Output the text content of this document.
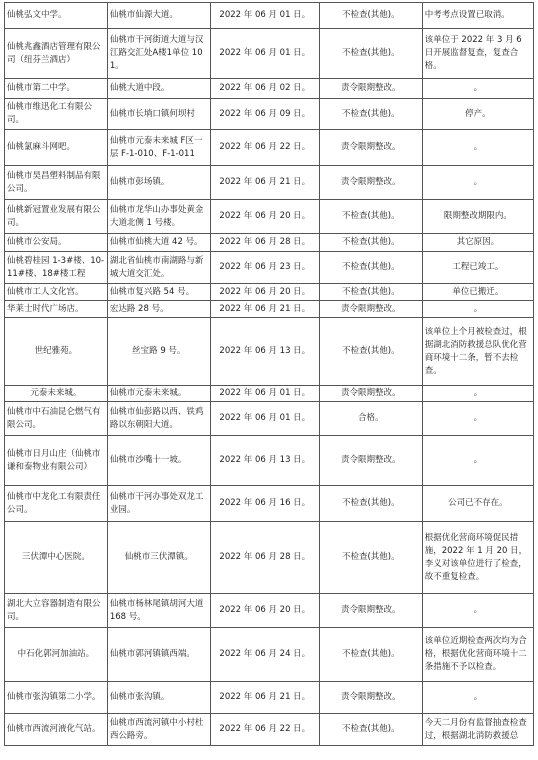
仙桃弘文中学。	仙桃市仙源大道。	2022 年 06 月 01 日。	不检查(其他)。	中考考点设置已取消。
仙桃兆鑫酒店管理有限公司（纽芬兰酒店）	仙桃市干河街道大道与汉江路交汇处A楼1单位 101。	2022 年 06 月 01 日。	不检查(其他)。	该单位于 2022 年 3 月 6 日开展监督复查，复查合格。
仙桃市第二中学。	仙桃大道中段。	2022 年 06 月 02 日。	责令限期整改。	。
仙桃市维迅化工有限公司。	仙桃市长埫口镇何坝村	2022 年 06 月 09 日。	不检查(其他)。	停产。
仙桃氯麻斗网吧。	仙桃市元泰未来城 F区一层 F-1-010、F-1-011	2022 年 06 月 22 日。	责令限期整改。	。
仙桃市昊昌塑料制品有限公司。	仙桃市彭场镇。	2022 年 06 月 21 日。	责令限期整改。	。
仙桃新冠置业发展有限公司。	仙桃市龙华山办事处黄金大道北侧 1 号楼。	2022 年 06 月 20 日。	不检查(其他)。	限期整改期限内。
仙桃市公安局。	仙桃市仙桃大道 42 号。	2022 年 06 月 28 日。	不检查(其他)。	其它原因。
仙桃碧桂园 1-3#楼、10-11#楼、18#楼工程	湖北省仙桃市南湖路与新城大道交汇处。	2022 年 06 月 23 日。	不检查(其他)。	工程已竣工。
仙桃市工人文化宫。	仙桃市复兴路 54 号。	2022 年 06 月 20 日。	不检查(其他)。	单位已搬迁。
华莱士时代广场店。	宏达路 28 号。	2022 年 06 月 21 日。	责令限期整改。	。
世纪雅苑。	丝宝路 9 号。	2022 年 06 月 13 日。	不检查(其他)。	该单位上个月被检查过，根据湖北消防救援总队优化营商环境十二条，暂不去检查。
元泰未来城。	仙桃市元泰未来城。	2022 年 06 月 01 日。	责令限期整改。	。
仙桃市中石油昆仑燃气有限公司。	仙桃市仙彭路以西、铁鸡路以东朝阳大道。	2022 年 06 月 01 日。	合格。	。
仙桃市日月山庄（仙桃市谦和泰物业有限公司）	仙桃市沙嘴十一坡。	2022 年 06 月 13 日。	责令限期整改。	。
仙桃市中龙化工有限责任公司。	仙桃市干河办事处双龙工业园。	2022 年 06 月 16 日。	不检查(其他)。	公司已不存在。
三伏潭中心医院。	仙桃市三伏潭镇。	2022 年 06 月 28 日。	不检查(其他)。	根据优化营商环境促民措施，2022 年 1 月 20 日，李义对该单位进行了检查，故不重复检查。
湖北大立容器制造有限公司。	仙桃市杨林尾镇胡河大道 168 号。	2022 年 06 月 20 日。	责令限期整改。	。
中石化郭河加油站。	仙桃市郭河镇镇西端。	2022 年 06 月 24 日。	不检查(其他)。	该单位近期检查两次均为合格，根据优化营商环境十二条措施不予以检查。
仙桃市张沟镇第二小学。	仙桃市张沟镇。	2022 年 06 月 21 日。	责令限期整改。	。
仙桃市西流河液化气站。	仙桃市西流河镇中小村杜西公路旁。	2022 年 06 月 22 日。	不检查(其他)。	今天二月份有监督抽查检查过，根据湖北消防救援总
